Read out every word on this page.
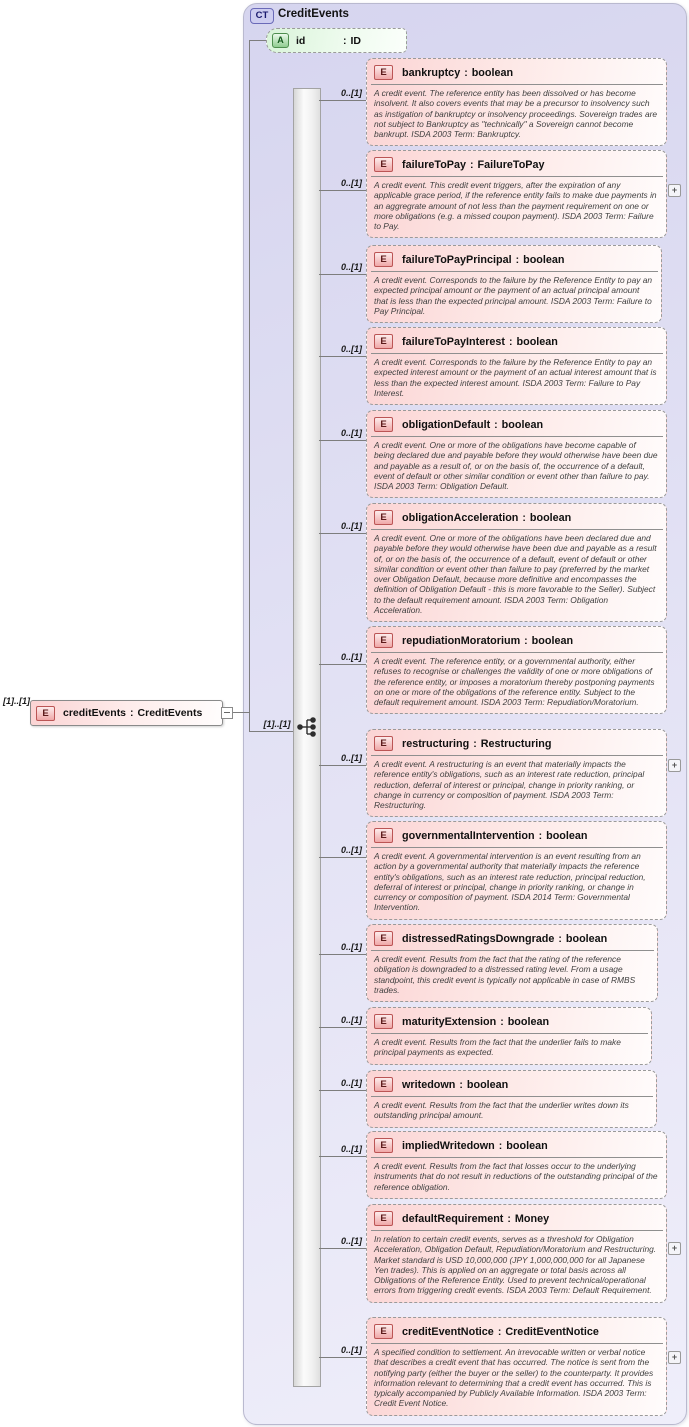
CT CreditEvents
A	id	: ID
[1]..[1]
E	creditEvents : CreditEvents
[1]..[1]
E	bankruptcy : boolean
A credit event. The reference entity has been dissolved or has become insolvent. It also covers events that may be a precursor to insolvency such as instigation of bankruptcy or insolvency proceedings. Sovereign trades are not subject to Bankruptcy as "technically" a Sovereign cannot become bankrupt. ISDA 2003 Term: Bankruptcy.
0..[1]
E	failureToPay : FailureToPay
A credit event. This credit event triggers, after the expiration of any applicable grace period, if the reference entity fails to make due payments in an aggregrate amount of not less than the payment requirement on one or more obligations (e.g. a missed coupon payment). ISDA 2003 Term: Failure to Pay.
0..[1]
+
E	failureToPayPrincipal : boolean
A credit event. Corresponds to the failure by the Reference Entity to pay an expected principal amount or the payment of an actual principal amount that is less than the expected principal amount. ISDA 2003 Term: Failure to Pay Principal.
0..[1]
E	failureToPayInterest : boolean
A credit event. Corresponds to the failure by the Reference Entity to pay an expected interest amount or the payment of an actual interest amount that is less than the expected interest amount. ISDA 2003 Term: Failure to Pay Interest.
0..[1]
E	obligationDefault : boolean
A credit event. One or more of the obligations have become capable of being declared due and payable before they would otherwise have been due and payable as a result of, or on the basis of, the occurrence of a default, event of default or other similar condition or event other than failure to pay. ISDA 2003 Term: Obligation Default.
0..[1]
E	obligationAcceleration : boolean
A credit event. One or more of the obligations have been declared due and payable before they would otherwise have been due and payable as a result of, or on the basis of, the occurrence of a default, event of default or other similar condition or event other than failure to pay (preferred by the market over Obligation Default, because more definitive and encompasses the definition of Obligation Default - this is more favorable to the Seller). Subject to the default requirement amount. ISDA 2003 Term: Obligation Acceleration.
0..[1]
E	repudiationMoratorium : boolean
A credit event. The reference entity, or a governmental authority, either refuses to recognise or challenges the validity of one or more obligations of the reference entity, or imposes a moratorium thereby postponing payments on one or more of the obligations of the reference entity. Subject to the default requirement amount. ISDA 2003 Term: Repudiation/Moratorium.
0..[1]
E	restructuring : Restructuring
A credit event. A restructuring is an event that materially impacts the reference entity's obligations, such as an interest rate reduction, principal reduction, deferral of interest or principal, change in priority ranking, or change in currency or composition of payment. ISDA 2003 Term: Restructuring.
0..[1]
+
E	governmentalIntervention : boolean
A credit event. A governmental intervention is an event resulting from an action by a governmental authority that materially impacts the reference entity's obligations, such as an interest rate reduction, principal reduction, deferral of interest or principal, change in priority ranking, or change in currency or composition of payment. ISDA 2014 Term: Governmental Intervention.
0..[1]
E	distressedRatingsDowngrade : boolean
A credit event. Results from the fact that the rating of the reference obligation is downgraded to a distressed rating level. From a usage standpoint, this credit event is typically not applicable in case of RMBS trades.
0..[1]
E	maturityExtension : boolean
A credit event. Results from the fact that the underlier fails to make principal payments as expected.
0..[1]
E	writedown : boolean
A credit event. Results from the fact that the underlier writes down its outstanding principal amount.
0..[1]
E	impliedWritedown : boolean
A credit event. Results from the fact that losses occur to the underlying instruments that do not result in reductions of the outstanding principal of the reference obligation.
0..[1]
E	defaultRequirement : Money
In relation to certain credit events, serves as a threshold for Obligation Acceleration, Obligation Default, Repudiation/Moratorium and Restructuring. Market standard is USD 10,000,000 (JPY 1,000,000,000 for all Japanese Yen trades). This is applied on an aggregate or total basis across all Obligations of the Reference Entity. Used to prevent technical/operational errors from triggering credit events. ISDA 2003 Term: Default Requirement.
0..[1]
+
E	creditEventNotice : CreditEventNotice
A specified condition to settlement. An irrevocable written or verbal notice that describes a credit event that has occurred. The notice is sent from the notifying party (either the buyer or the seller) to the counterparty. It provides information relevant to determining that a credit event has occurred. This is typically accompanied by Publicly Available Information. ISDA 2003 Term: Credit Event Notice.
0..[1]
+
